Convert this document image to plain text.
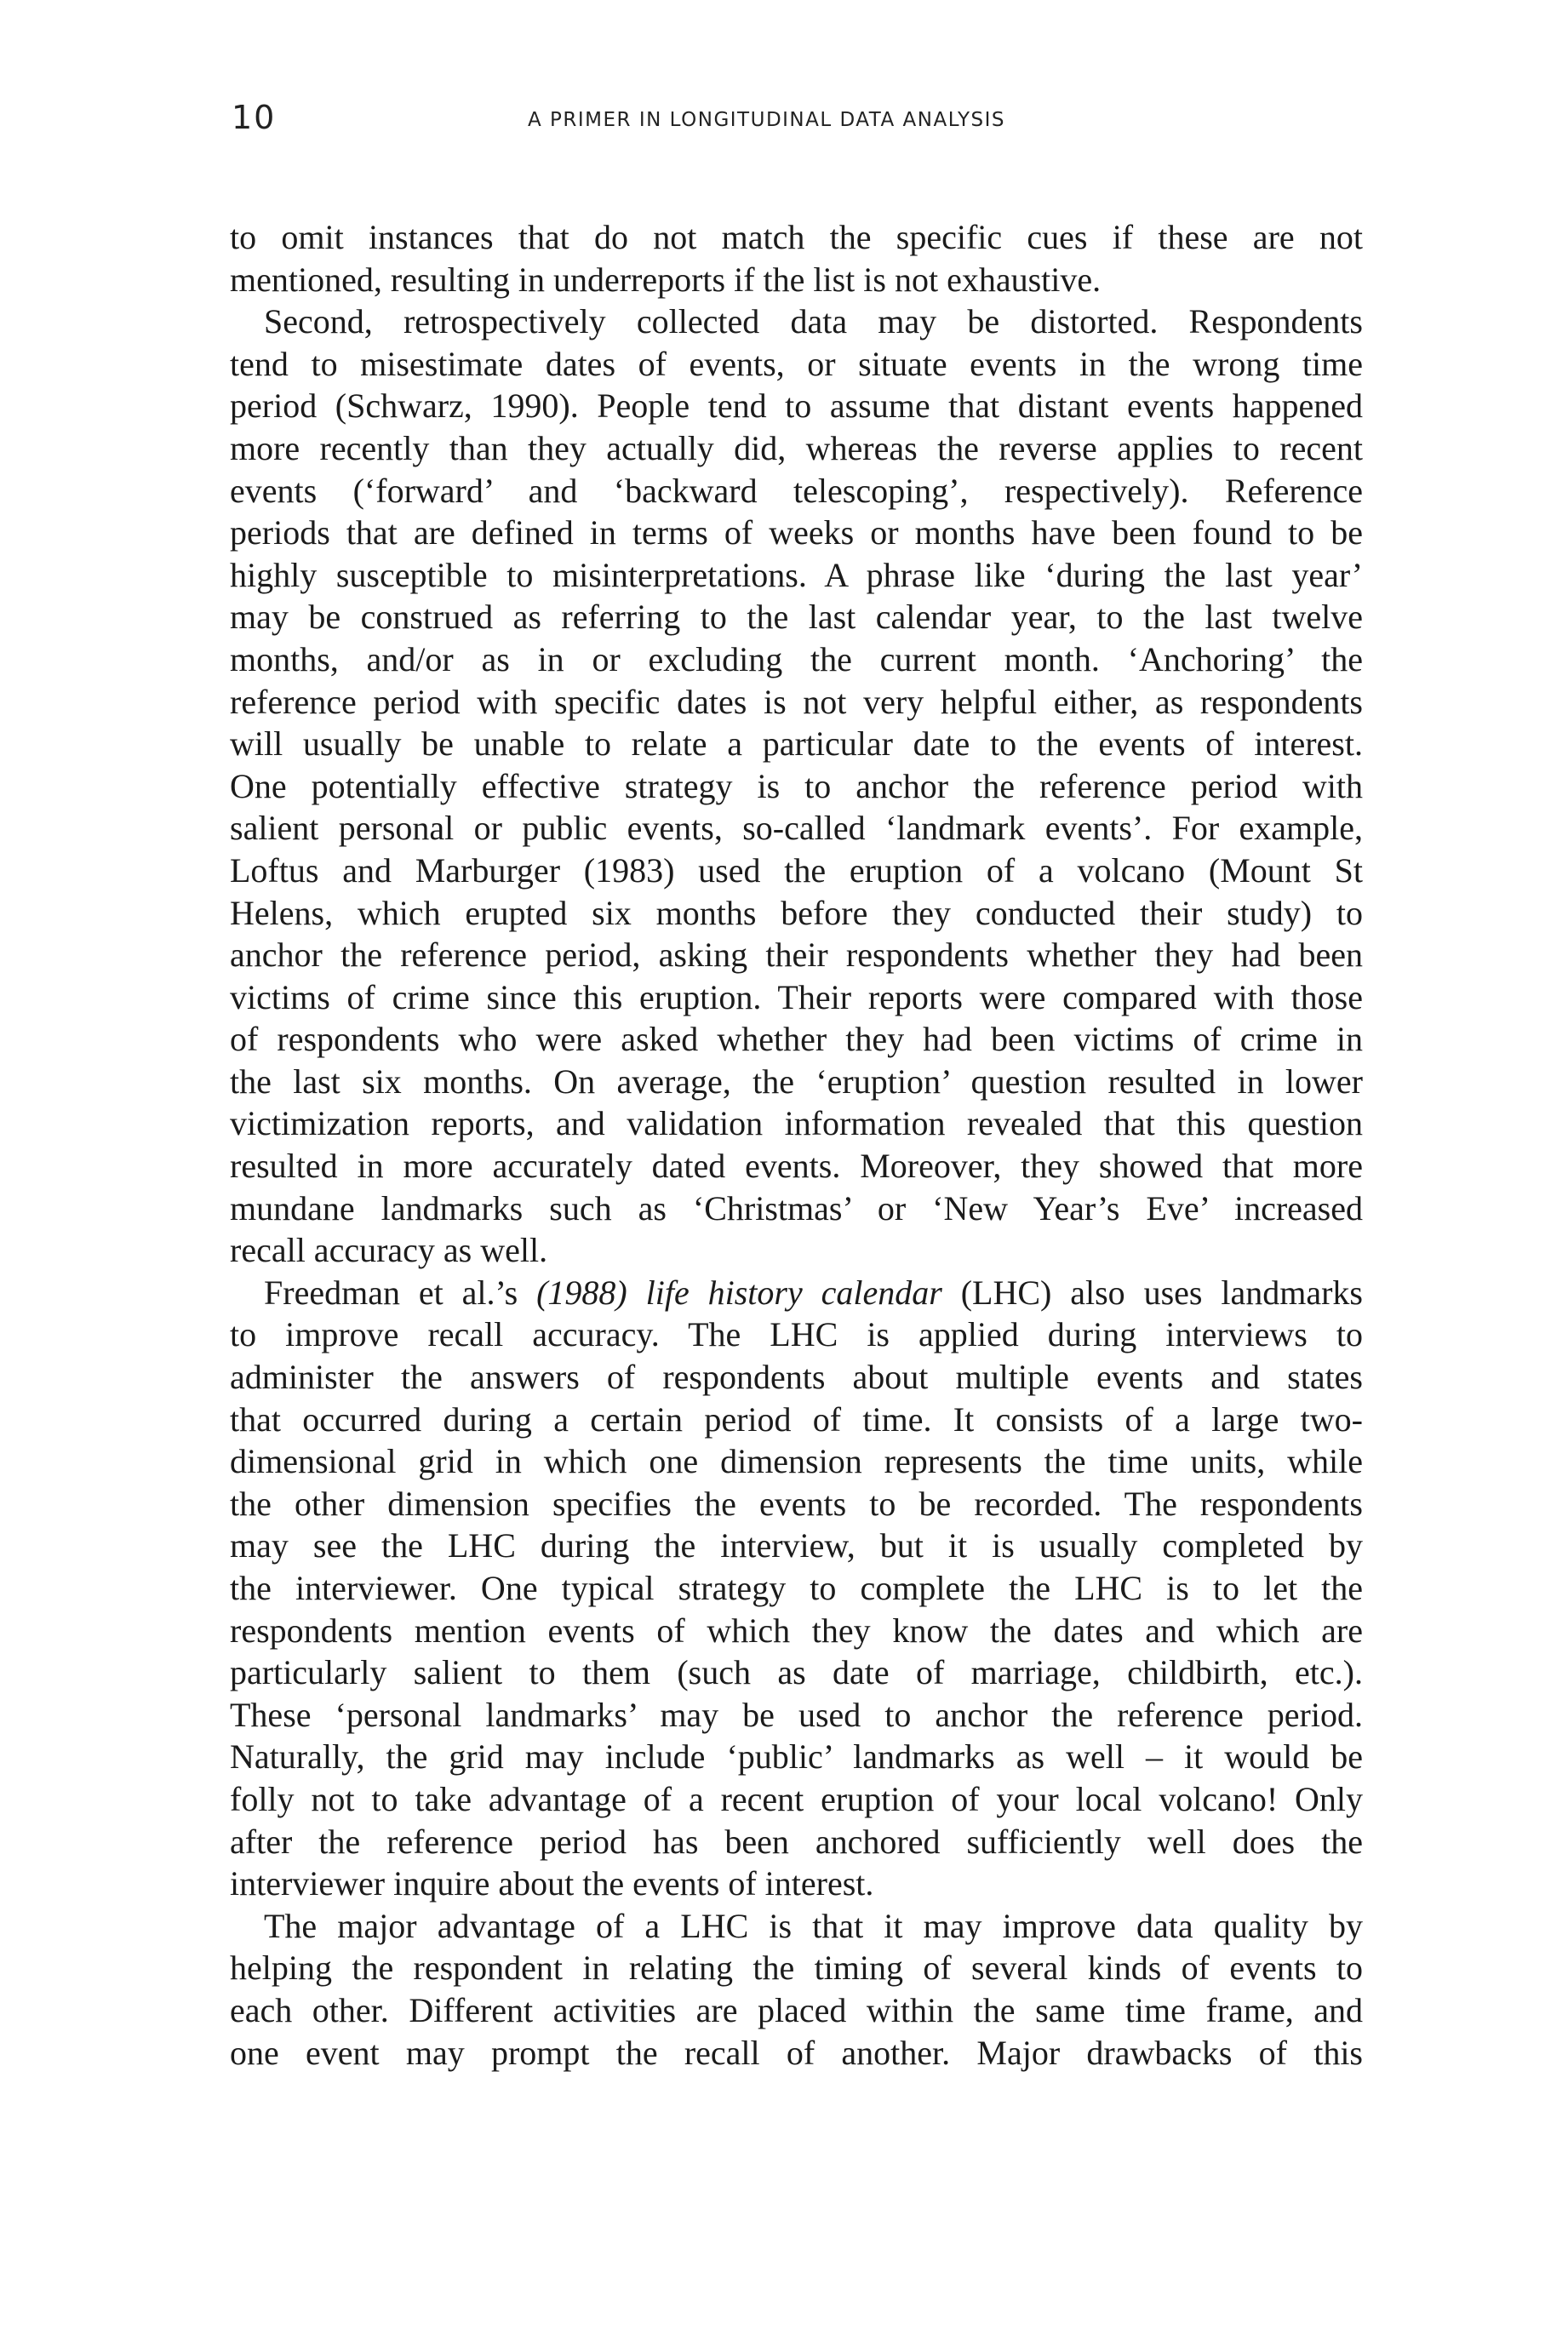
10	A PRIMER IN LONGITUDINAL DATA ANALYSIS
to omit instances that do not match the specific cues if these are not
mentioned, resulting in underreports if the list is not exhaustive.
Second, retrospectively collected data may be distorted. Respondents
tend to misestimate dates of events, or situate events in the wrong time
period (Schwarz, 1990). People tend to assume that distant events happened
more recently than they actually did, whereas the reverse applies to recent
events (‘forward’ and ‘backward telescoping’, respectively). Reference
periods that are defined in terms of weeks or months have been found to be
highly susceptible to misinterpretations. A phrase like ‘during the last year’
may be construed as referring to the last calendar year, to the last twelve
months, and/or as in or excluding the current month. ‘Anchoring’ the
reference period with specific dates is not very helpful either, as respondents
will usually be unable to relate a particular date to the events of interest.
One potentially effective strategy is to anchor the reference period with
salient personal or public events, so-called ‘landmark events’. For example,
Loftus and Marburger (1983) used the eruption of a volcano (Mount St
Helens, which erupted six months before they conducted their study) to
anchor the reference period, asking their respondents whether they had been
victims of crime since this eruption. Their reports were compared with those
of respondents who were asked whether they had been victims of crime in
the last six months. On average, the ‘eruption’ question resulted in lower
victimization reports, and validation information revealed that this question
resulted in more accurately dated events. Moreover, they showed that more
mundane landmarks such as ‘Christmas’ or ‘New Year’s Eve’ increased
recall accuracy as well.
Freedman et al.’s (1988) life history calendar (LHC) also uses landmarks
to improve recall accuracy. The LHC is applied during interviews to
administer the answers of respondents about multiple events and states
that occurred during a certain period of time. It consists of a large two-
dimensional grid in which one dimension represents the time units, while
the other dimension specifies the events to be recorded. The respondents
may see the LHC during the interview, but it is usually completed by
the interviewer. One typical strategy to complete the LHC is to let the
respondents mention events of which they know the dates and which are
particularly salient to them (such as date of marriage, childbirth, etc.).
These ‘personal landmarks’ may be used to anchor the reference period.
Naturally, the grid may include ‘public’ landmarks as well – it would be
folly not to take advantage of a recent eruption of your local volcano! Only
after the reference period has been anchored sufficiently well does the
interviewer inquire about the events of interest.
The major advantage of a LHC is that it may improve data quality by
helping the respondent in relating the timing of several kinds of events to
each other. Different activities are placed within the same time frame, and
one event may prompt the recall of another. Major drawbacks of this
